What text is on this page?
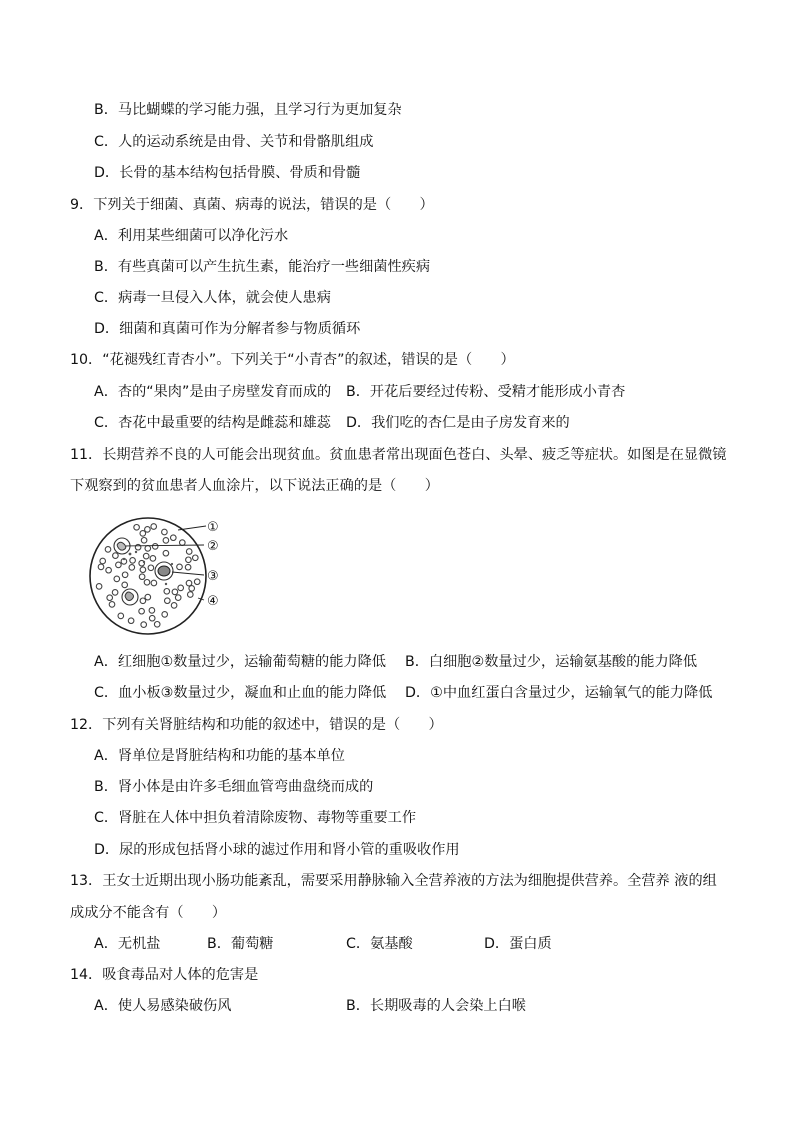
B．马比蝴蝶的学习能力强，且学习行为更加复杂
C．人的运动系统是由骨、关节和骨骼肌组成
D．长骨的基本结构包括骨膜、骨质和骨髓
9．下列关于细菌、真菌、病毒的说法，错误的是（　　）
A．利用某些细菌可以净化污水
B．有些真菌可以产生抗生素，能治疗一些细菌性疾病
C．病毒一旦侵入人体，就会使人患病
D．细菌和真菌可作为分解者参与物质循环
10．“花褪残红青杏小”。下列关于“小青杏”的叙述，错误的是（　　）
A．杏的“果肉”是由子房壁发育而成的 B．开花后要经过传粉、受精才能形成小青杏
C．杏花中最重要的结构是雌蕊和雄蕊 D．我们吃的杏仁是由子房发育来的
11．长期营养不良的人可能会出现贫血。贫血患者常出现面色苍白、头晕、疲乏等症状。如图是在显微镜
下观察到的贫血患者人血涂片，以下说法正确的是（　　）
①
②
③
④
A．红细胞①数量过少，运输葡萄糖的能力降低 B．白细胞②数量过少，运输氨基酸的能力降低
C．血小板③数量过少，凝血和止血的能力降低 D．①中血红蛋白含量过少，运输氧气的能力降低
12．下列有关肾脏结构和功能的叙述中，错误的是（　　）
A．肾单位是肾脏结构和功能的基本单位
B．肾小体是由许多毛细血管弯曲盘绕而成的
C．肾脏在人体中担负着清除废物、毒物等重要工作
D．尿的形成包括肾小球的滤过作用和肾小管的重吸收作用
13．王女士近期出现小肠功能紊乱，需要采用静脉输入全营养液的方法为细胞提供营养。全营养 液的组
成成分不能含有（　　）
A．无机盐	B．葡萄糖	C．氨基酸	D．蛋白质
14．吸食毒品对人体的危害是
A．使人易感染破伤风	B．长期吸毒的人会染上白喉
